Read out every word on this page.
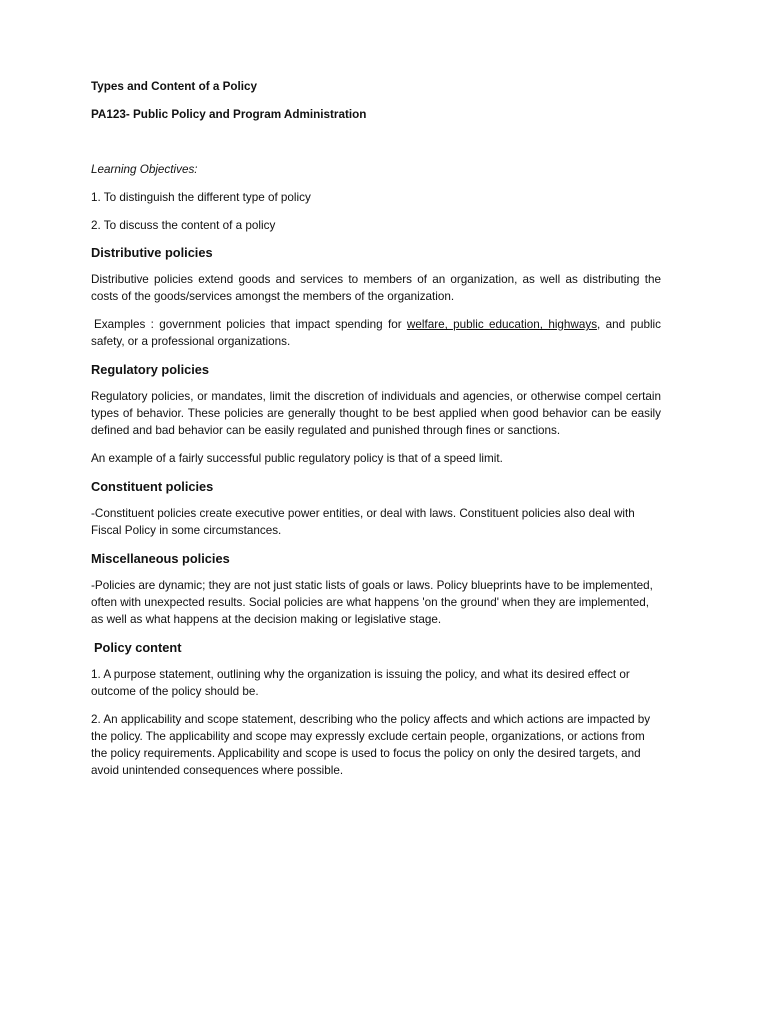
Types and Content of a Policy

PA123- Public Policy and Program Administration

Learning Objectives:

1. To distinguish the different type of policy

2. To discuss the content of a policy

Distributive policies

Distributive policies extend goods and services to members of an organization, as well as distributing the costs of the goods/services amongst the members of the organization.

Examples : government policies that impact spending for welfare, public education, highways, and public safety, or a professional organizations.

Regulatory policies

Regulatory policies, or mandates, limit the discretion of individuals and agencies, or otherwise compel certain types of behavior. These policies are generally thought to be best applied when good behavior can be easily defined and bad behavior can be easily regulated and punished through fines or sanctions.

An example of a fairly successful public regulatory policy is that of a speed limit.

Constituent policies

-Constituent policies create executive power entities, or deal with laws. Constituent policies also deal with Fiscal Policy in some circumstances.

Miscellaneous policies

-Policies are dynamic; they are not just static lists of goals or laws. Policy blueprints have to be implemented, often with unexpected results. Social policies are what happens 'on the ground' when they are implemented, as well as what happens at the decision making or legislative stage.

Policy content

1. A purpose statement, outlining why the organization is issuing the policy, and what its desired effect or outcome of the policy should be.

2. An applicability and scope statement, describing who the policy affects and which actions are impacted by the policy. The applicability and scope may expressly exclude certain people, organizations, or actions from the policy requirements. Applicability and scope is used to focus the policy on only the desired targets, and avoid unintended consequences where possible.
